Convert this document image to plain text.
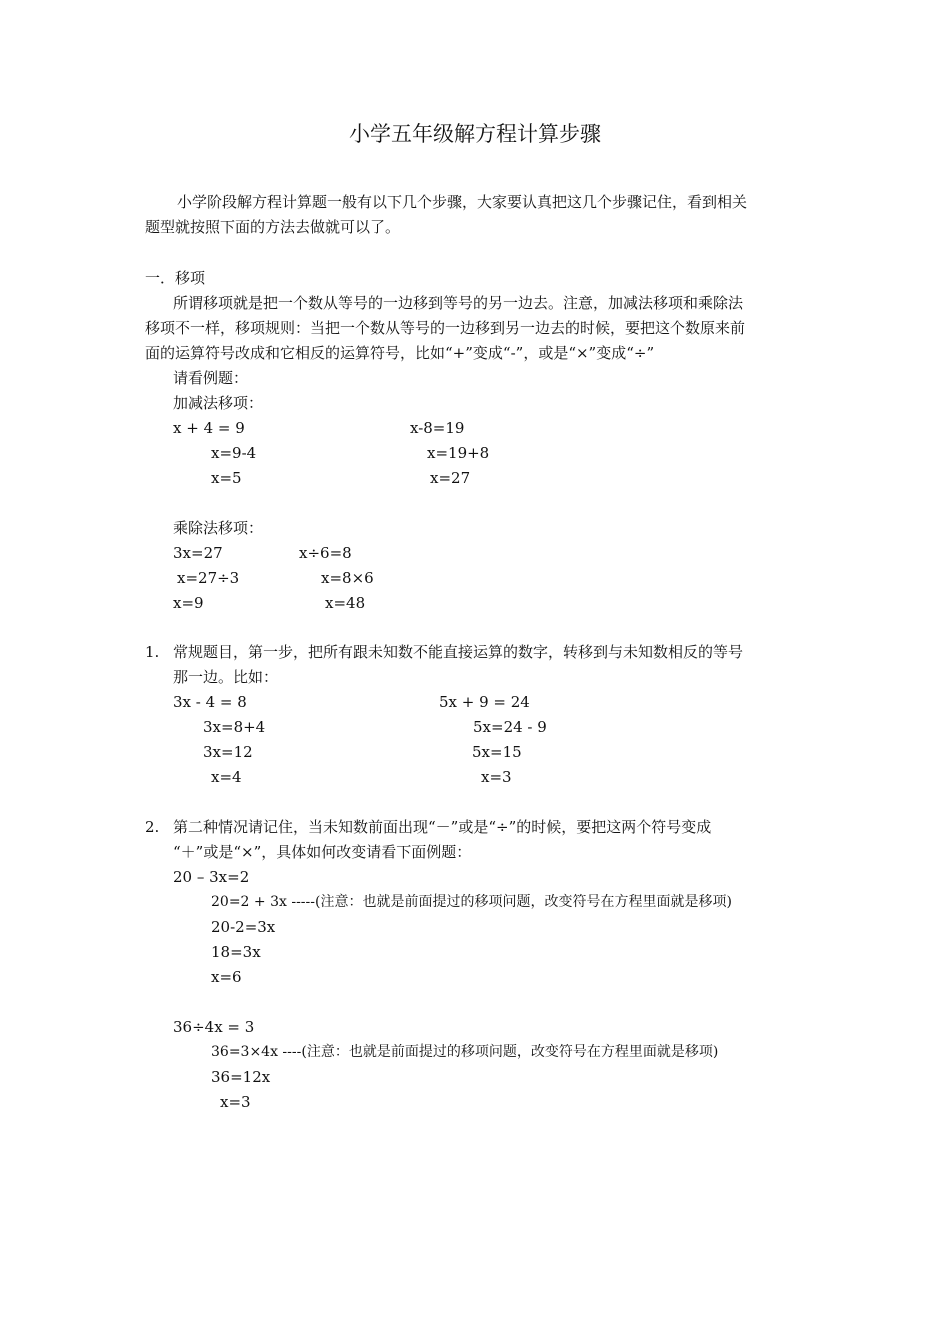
小学五年级解方程计算步骤
小学阶段解方程计算题一般有以下几个步骤，大家要认真把这几个步骤记住，看到相关
题型就按照下面的方法去做就可以了。
一．移项
所谓移项就是把一个数从等号的一边移到等号的另一边去。注意，加减法移项和乘除法
移项不一样，移项规则：当把一个数从等号的一边移到另一边去的时候，要把这个数原来前
面的运算符号改成和它相反的运算符号，比如“+”变成“-”，或是“×”变成“÷”
请看例题：
加减法移项：
x + 4 = 9
x=9-4
x=5
x-8=19
x=19+8
x=27
乘除法移项：
3x=27
x=27÷3
x=9
x÷6=8
x=8×6
x=48
1. 常规题目，第一步，把所有跟未知数不能直接运算的数字，转移到与未知数相反的等号
那一边。比如：
3x - 4 = 8
3x=8+4
3x=12
x=4
5x + 9 = 24
5x=24 - 9
5x=15
x=3
2. 第二种情况请记住，当未知数前面出现“－”或是“÷”的时候，要把这两个符号变成
“＋”或是“×”，具体如何改变请看下面例题：
20 – 3x=2
20=2 + 3x -----(注意：也就是前面提过的移项问题，改变符号在方程里面就是移项)
20-2=3x
18=3x
x=6
36÷4x = 3
36=3×4x ----(注意：也就是前面提过的移项问题，改变符号在方程里面就是移项)
36=12x
x=3
